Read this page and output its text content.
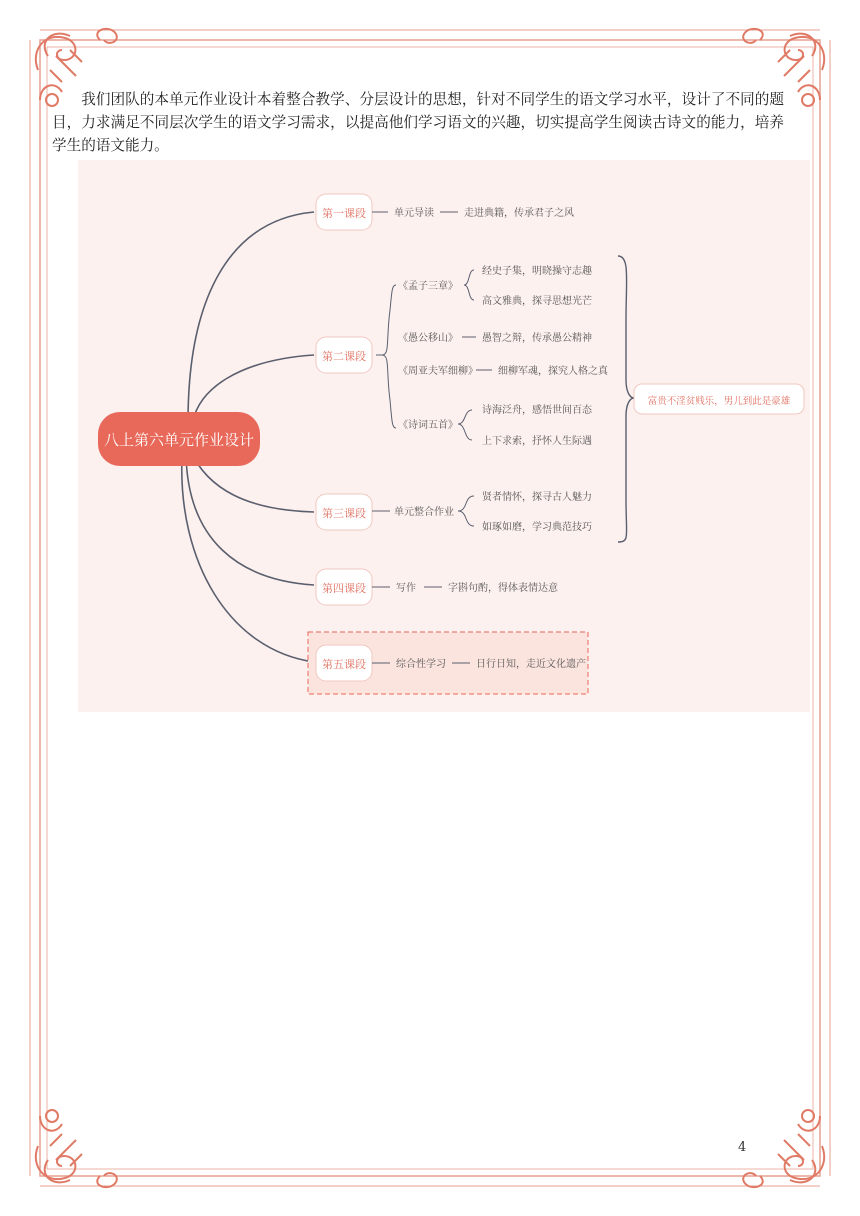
我们团队的本单元作业设计本着整合教学、分层设计的思想，针对不同学生的语文学习水平，设计了不同的题目，力求满足不同层次学生的语文学习需求，以提高他们学习语文的兴趣，切实提高学生阅读古诗文的能力，培养学生的语文能力。
八上第六单元作业设计
第一课段	单元导读	走进典籍，传承君子之风
第二课段
《孟子三章》
经史子集，明晓操守志趣
高文雅典，探寻思想光芒
《愚公移山》 愚智之辩，传承愚公精神
《周亚夫军细柳》 细柳军魂，探究人格之真
《诗词五首》
诗海泛舟，感悟世间百态
上下求索，抒怀人生际遇
第三课段	单元整合作业
贤者情怀，探寻古人魅力
如琢如磨，学习典范技巧
第四课段	写作	字斟句酌，得体表情达意
第五课段	综合性学习	日行日知，走近文化遗产
富贵不淫贫贱乐，男儿到此是豪雄
4
